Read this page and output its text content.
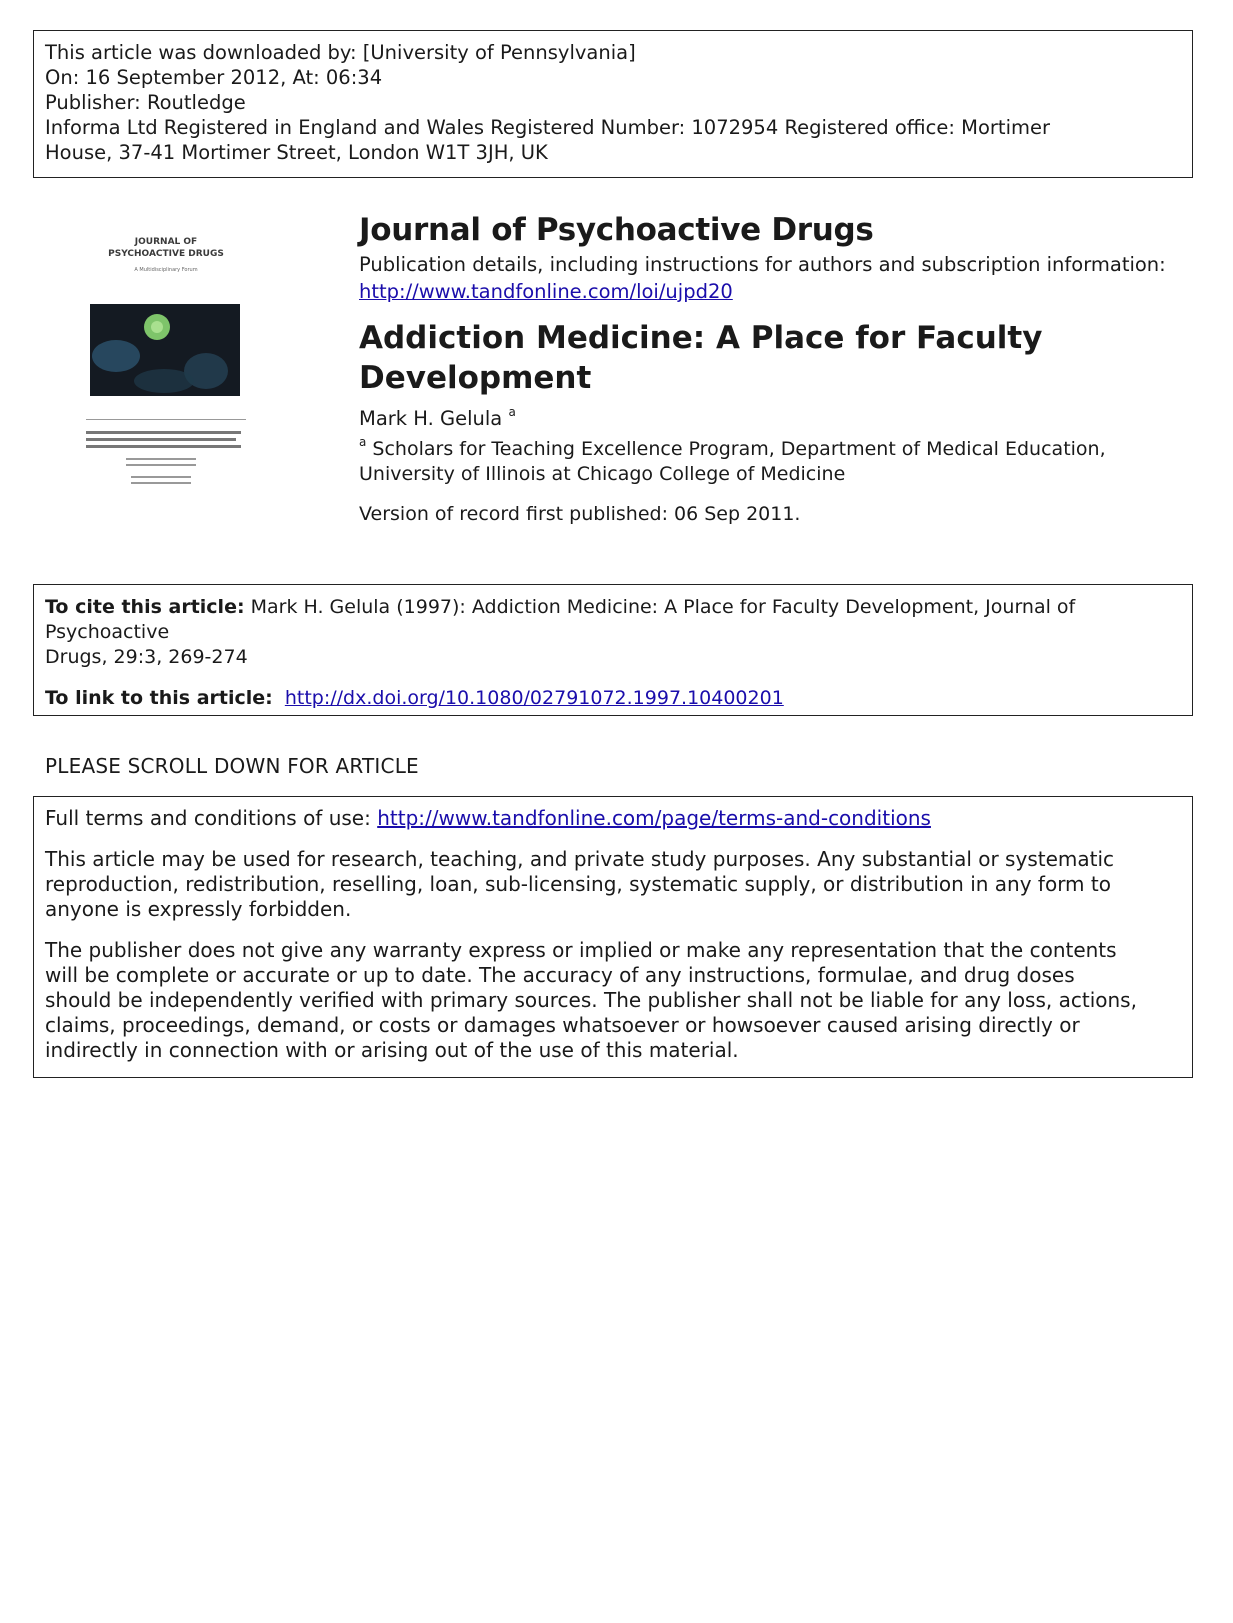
This article was downloaded by: [University of Pennsylvania]
On: 16 September 2012, At: 06:34
Publisher: Routledge
Informa Ltd Registered in England and Wales Registered Number: 1072954 Registered office: Mortimer
House, 37-41 Mortimer Street, London W1T 3JH, UK
JOURNAL OF
PSYCHOACTIVE DRUGS
A Multidisciplinary Forum
Journal of Psychoactive Drugs
Publication details, including instructions for authors and subscription information:
http://www.tandfonline.com/loi/ujpd20
Addiction Medicine: A Place for Faculty
Development
Mark H. Gelula $^a$
$^a$ Scholars for Teaching Excellence Program, Department of Medical Education,
University of Illinois at Chicago College of Medicine
Version of record first published: 06 Sep 2011.
To cite this article: Mark H. Gelula (1997): Addiction Medicine: A Place for Faculty Development, Journal of Psychoactive
Drugs, 29:3, 269-274
To link to this article: http://dx.doi.org/10.1080/02791072.1997.10400201
PLEASE SCROLL DOWN FOR ARTICLE

Full terms and conditions of use: http://www.tandfonline.com/page/terms-and-conditions

This article may be used for research, teaching, and private study purposes. Any substantial or systematic
reproduction, redistribution, reselling, loan, sub-licensing, systematic supply, or distribution in any form to
anyone is expressly forbidden.

The publisher does not give any warranty express or implied or make any representation that the contents
will be complete or accurate or up to date. The accuracy of any instructions, formulae, and drug doses
should be independently verified with primary sources. The publisher shall not be liable for any loss, actions,
claims, proceedings, demand, or costs or damages whatsoever or howsoever caused arising directly or
indirectly in connection with or arising out of the use of this material.
